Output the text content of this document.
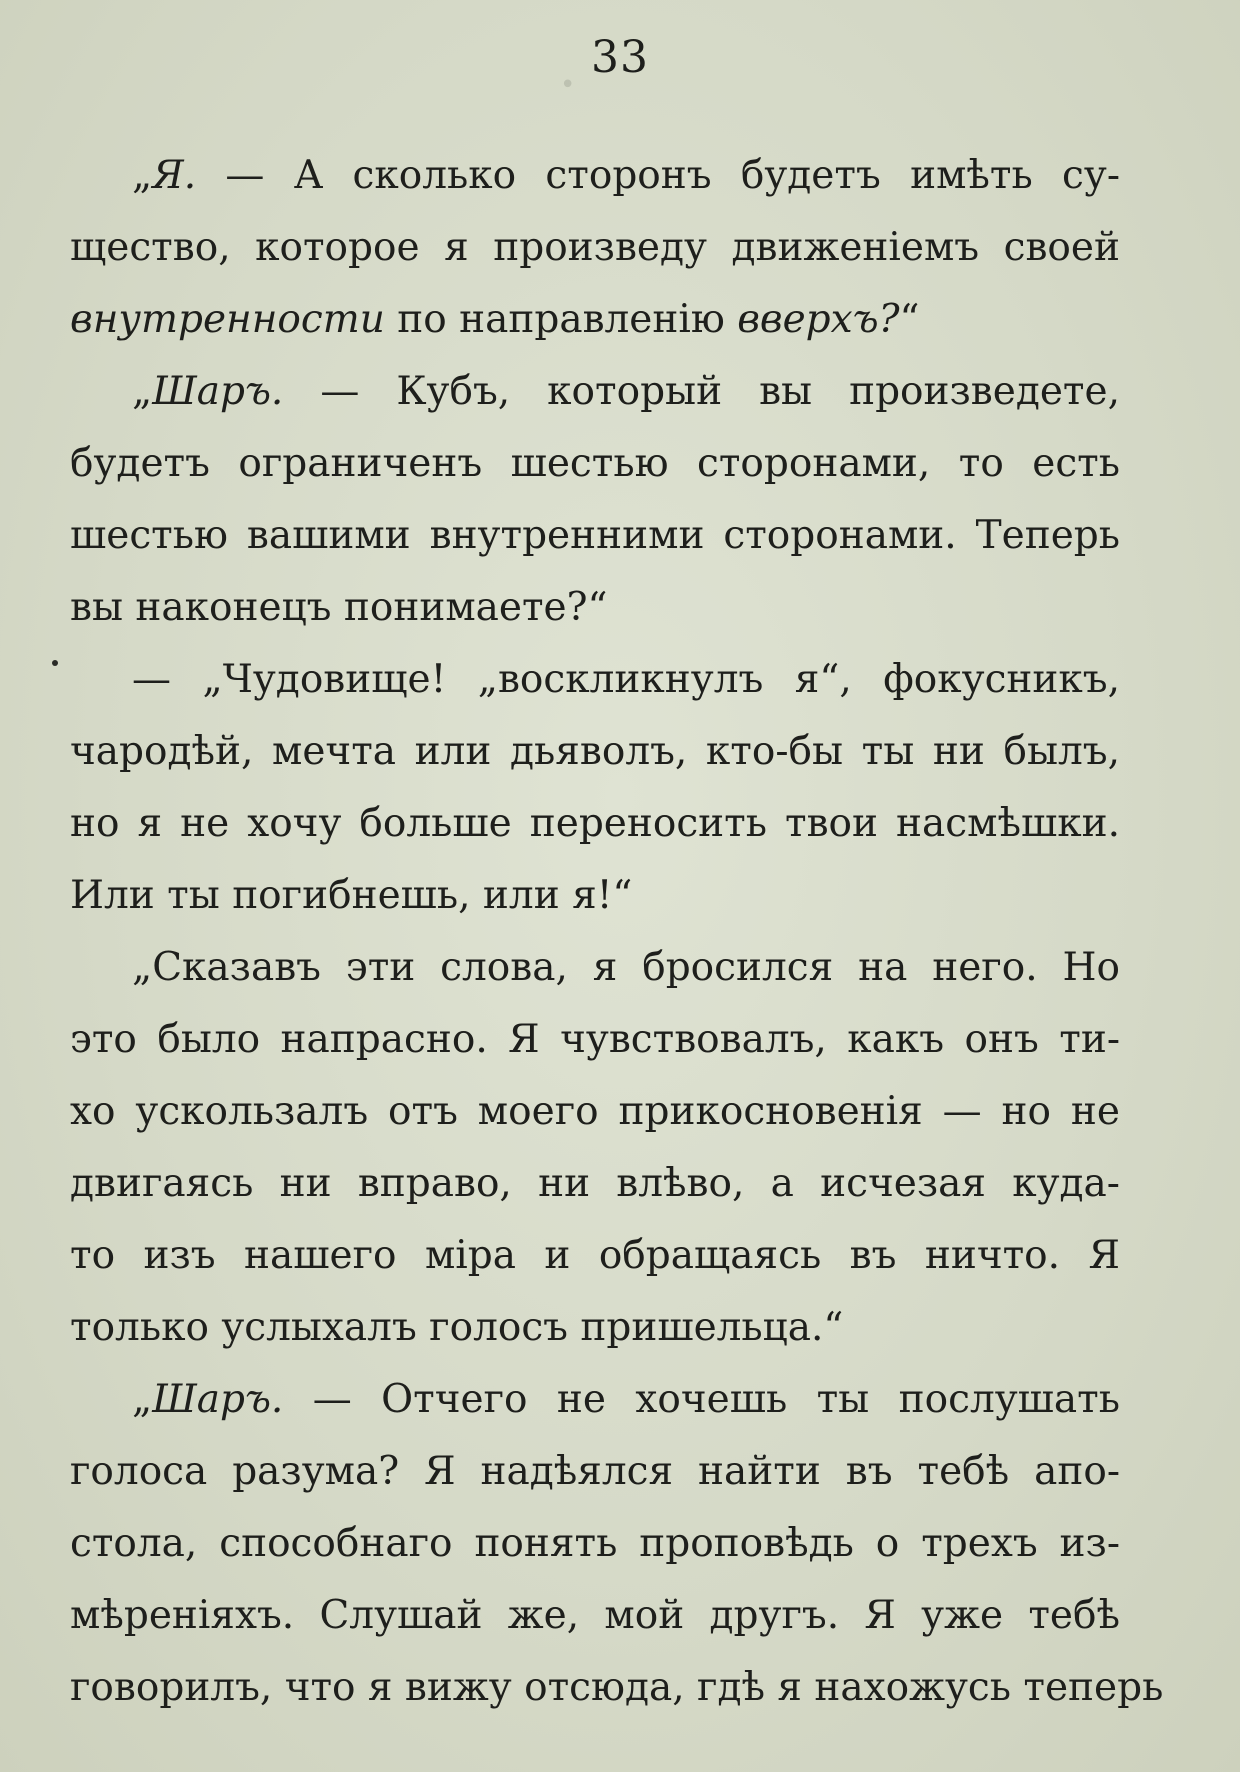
•
33
„Я. — А сколько сторонъ будетъ имѣть су-
щество, которое я произведу движеніемъ своей
внутренности по направленію вверхъ?“
„Шаръ. — Кубъ, который вы произведете,
будетъ ограниченъ шестью сторонами, то есть
шестью вашими внутренними сторонами. Теперь
вы наконецъ понимаете?“
— „Чудовище! „воскликнулъ я“, фокусникъ,
чародѣй, мечта или дьяволъ, кто-бы ты ни былъ,
но я не хочу больше переносить твои насмѣшки.
Или ты погибнешь, или я!“
„Сказавъ эти слова, я бросился на него. Но
это было напрасно. Я чувствовалъ, какъ онъ ти-
хо ускользалъ отъ моего прикосновенія — но не
двигаясь ни вправо, ни влѣво, а исчезая куда-
то изъ нашего міра и обращаясь въ ничто. Я
только услыхалъ голосъ пришельца.“
„Шаръ. — Отчего не хочешь ты послушать
голоса разума? Я надѣялся найти въ тебѣ апо-
стола, способнаго понять проповѣдь о трехъ из-
мѣреніяхъ. Слушай же, мой другъ. Я уже тебѣ
говорилъ, что я вижу отсюда, гдѣ я нахожусь теперь
